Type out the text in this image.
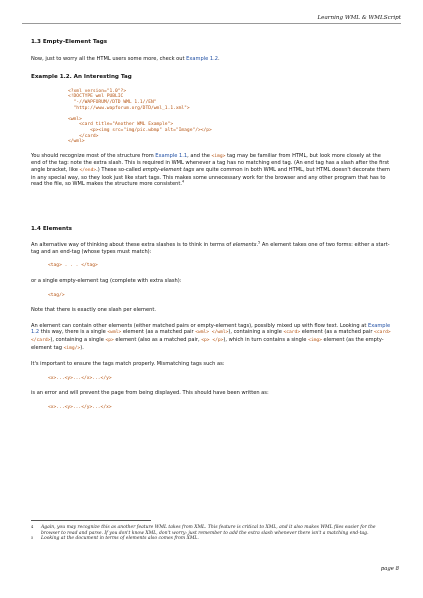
Learning WML & WMLScript
1.3 Empty-Element Tags

Now, just to worry all the HTML users some more, check out Example 1.2.

Example 1.2. An Interesting Tag
<?xml version="1.0"?>
<!DOCTYPE wml PUBLIC
"-//WAPFORUM//DTD WML 1.1//EN"
"http://www.wapforum.org/DTD/wml_1.1.xml">

<wml>
<card title="Another WML Example">
<p><img src="img/pic.wbmp" alt="Image"/></p>
</card>
</wml>

You should recognize most of the structure from Example 1.1, and the <img> tag may be familiar from HTML, but look more closely at the end of the tag: note the extra slash. This is required in WML whenever a tag has no matching end tag. (An end tag has a slash after the first angle bracket, like </end>.) These so-called empty-element tags are quite common in both WML and HTML, but HTML doesn't decorate them in any special way, so they look just like start tags. This makes some unnecessary work for the browser and any other program that has to read the file, so WML makes the structure more consistent.$^4$

1.4 Elements

An alternative way of thinking about these extra slashes is to think in terms of elements.$^5$ An element takes one of two forms: either a start-tag and an end-tag (whose types must match):

<tag> . . . </tag>

or a single empty-element tag (complete with extra slash):

<tag/>

Note that there is exactly one slash per element.

An element can contain other elements (either matched pairs or empty-element tags), possibly mixed up with flow text. Looking at Example 1.2 this way, there is a single <wml> element (as a matched pair <wml> </wml>), containing a single <card> element (as a matched pair <card> </card>), containing a single <p> element (also as a matched pair, <p> </p>), which in turn contains a single <img> element (as the empty-element tag <img/>).

It's important to ensure the tags match properly. Mismatching tags such as:

<x>...<y>...</x>...</y>

is an error and will prevent the page from being displayed. This should have been written as:

<x>...<y>...</y>...</x>
4	Again, you may recognize this as another feature WML takes from XML. This feature is critical to XML, and it also makes WML files easier for the browser to read and parse. If you don't know XML, don't worry: just remember to add the extra slash whenever there isn't a matching end-tag.
5	Looking at the document in terms of elements also comes from XML.
page 8
